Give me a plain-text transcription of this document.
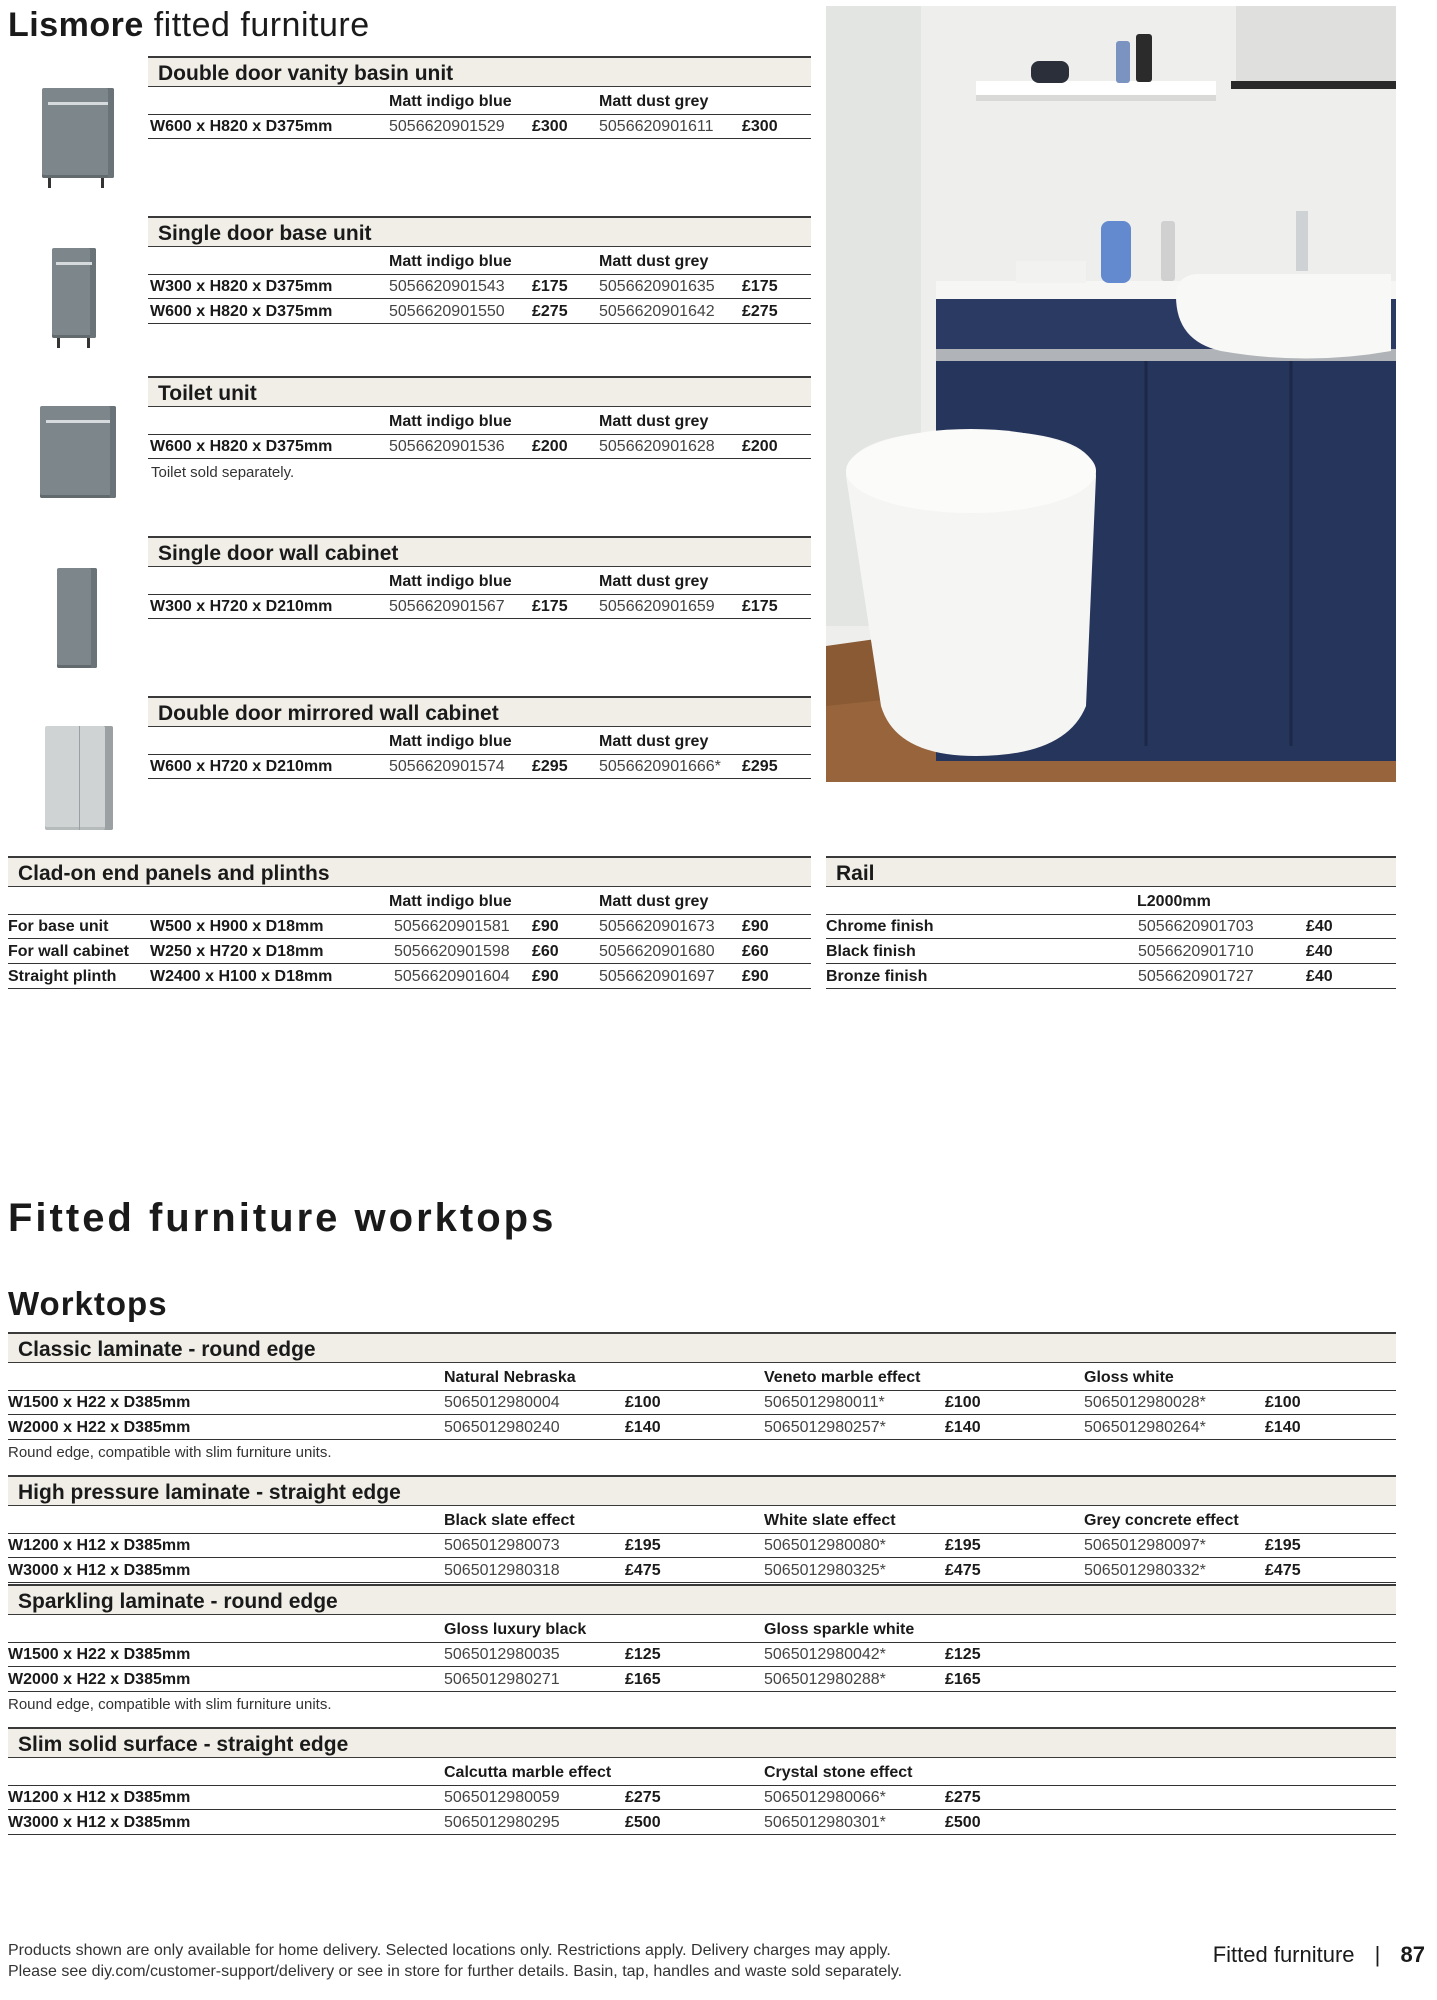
Lismore fitted furniture
Double door vanity basin unit
Matt indigo blue	Matt dust grey
W600 x H820 x D375mm	5056620901529 £300 5056620901611 £300
Single door base unit
Matt indigo blue	Matt dust grey
W300 x H820 x D375mm	5056620901543 £175 5056620901635 £175
W600 x H820 x D375mm	5056620901550 £275 5056620901642 £275
Toilet unit
Matt indigo blue	Matt dust grey
W600 x H820 x D375mm	5056620901536 £200 5056620901628 £200
Toilet sold separately.
Single door wall cabinet
Matt indigo blue	Matt dust grey
W300 x H720 x D210mm	5056620901567 £175 5056620901659 £175
Double door mirrored wall cabinet
Matt indigo blue	Matt dust grey
W600 x H720 x D210mm	5056620901574 £295 5056620901666* £295
Clad-on end panels and plinths
Matt indigo blue	Matt dust grey
For base unit	W500 x H900 x D18mm	5056620901581 £90	5056620901673 £90
For wall cabinet W250 x H720 x D18mm	5056620901598 £60	5056620901680 £60
Straight plinth W2400 x H100 x D18mm	5056620901604 £90	5056620901697 £90
Rail
L2000mm
Chrome finish	5056620901703	£40
Black finish	5056620901710	£40
Bronze finish	5056620901727	£40
Fitted furniture worktops
Worktops
Classic laminate - round edge
Natural Nebraska	Veneto marble effect	Gloss white
W1500 x H22 x D385mm	5065012980004	£100	5065012980011*	£100	5065012980028*	£100
W2000 x H22 x D385mm	5065012980240	£140	5065012980257*	£140	5065012980264*	£140
Round edge, compatible with slim furniture units.
High pressure laminate - straight edge
Black slate effect	White slate effect	Grey concrete effect
W1200 x H12 x D385mm	5065012980073	£195	5065012980080*	£195	5065012980097*	£195
W3000 x H12 x D385mm	5065012980318	£475	5065012980325*	£475	5065012980332*	£475
Sparkling laminate - round edge
Gloss luxury black	Gloss sparkle white
W1500 x H22 x D385mm	5065012980035	£125	5065012980042*	£125
W2000 x H22 x D385mm	5065012980271	£165	5065012980288*	£165
Round edge, compatible with slim furniture units.
Slim solid surface - straight edge
Calcutta marble effect	Crystal stone effect
W1200 x H12 x D385mm	5065012980059	£275	5065012980066*	£275
W3000 x H12 x D385mm	5065012980295	£500	5065012980301*	£500
Products shown are only available for home delivery. Selected locations only. Restrictions apply. Delivery charges may apply.
Please see diy.com/customer-support/delivery or see in store for further details. Basin, tap, handles and waste sold separately.
Fitted furniture | 87
